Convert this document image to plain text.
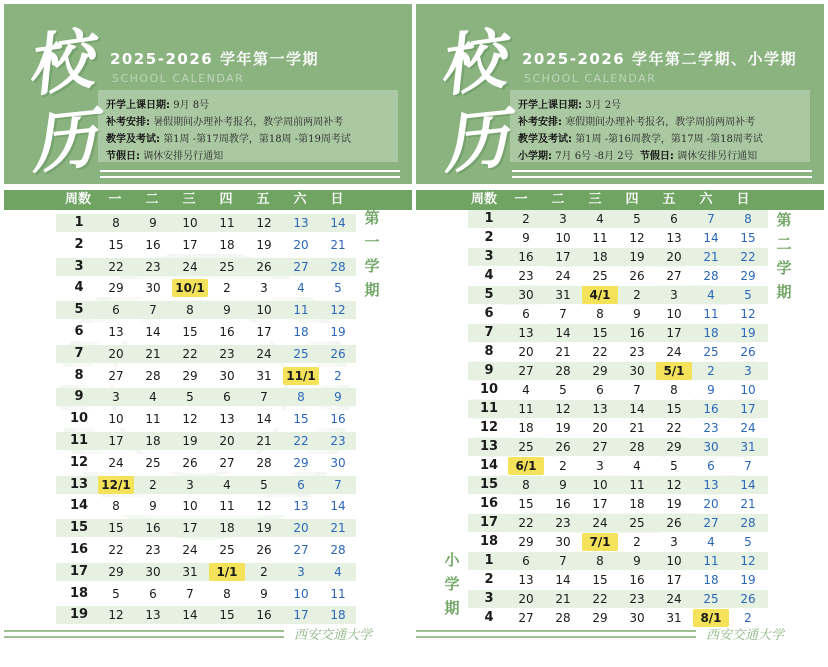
校
历
2025-2026 学年第一学期
SCHOOL CALENDAR
开学上课日期: 9月 8号
补考安排: 暑假期间办理补考报名，教学周前两周补考
教学及考试: 第1周 -第17周教学，第18周 -第19周考试
节假日: 调休安排另行通知
周数	一	二	三	四	五	六	日
1	8	9	10	11	12	13	14
2	15	16	17	18	19	20	21
3	22	23	24	25	26	27	28
4	29	30	10/1	2	3	4	5
5	6	7	8	9	10	11	12
6	13	14	15	16	17	18	19
7	20	21	22	23	24	25	26
8	27	28	29	30	31	11/1	2
9	3	4	5	6	7	8	9
10	10	11	12	13	14	15	16
11	17	18	19	20	21	22	23
12	24	25	26	27	28	29	30
13	12/1	2	3	4	5	6	7
14	8	9	10	11	12	13	14
15	15	16	17	18	19	20	21
16	22	23	24	25	26	27	28
17	29	30	31	1/1	2	3	4
18	5	6	7	8	9	10	11
19	12	13	14	15	16	17	18
第
一
学
期
西安交通大学
校
历
2025-2026 学年第二学期、小学期
SCHOOL CALENDAR
开学上课日期: 3月 2号
补考安排: 寒假期间办理补考报名，教学周前两周补考
教学及考试: 第1周 -第16周教学，第17周 -第18周考试
小学期: 7月 6号 -8月 2号 节假日: 调休安排另行通知
周数	一	二	三	四	五	六	日
1	2	3	4	5	6	7	8
2	9	10	11	12	13	14	15
3	16	17	18	19	20	21	22
4	23	24	25	26	27	28	29
5	30	31	4/1	2	3	4	5
6	6	7	8	9	10	11	12
7	13	14	15	16	17	18	19
8	20	21	22	23	24	25	26
9	27	28	29	30	5/1	2	3
10	4	5	6	7	8	9	10
11	11	12	13	14	15	16	17
12	18	19	20	21	22	23	24
13	25	26	27	28	29	30	31
14	6/1	2	3	4	5	6	7
15	8	9	10	11	12	13	14
16	15	16	17	18	19	20	21
17	22	23	24	25	26	27	28
18	29	30	7/1	2	3	4	5
1	6	7	8	9	10	11	12
2	13	14	15	16	17	18	19
3	20	21	22	23	24	25	26
4	27	28	29	30	31	8/1	2
第
二
学
期
小
学
期
西安交通大学
